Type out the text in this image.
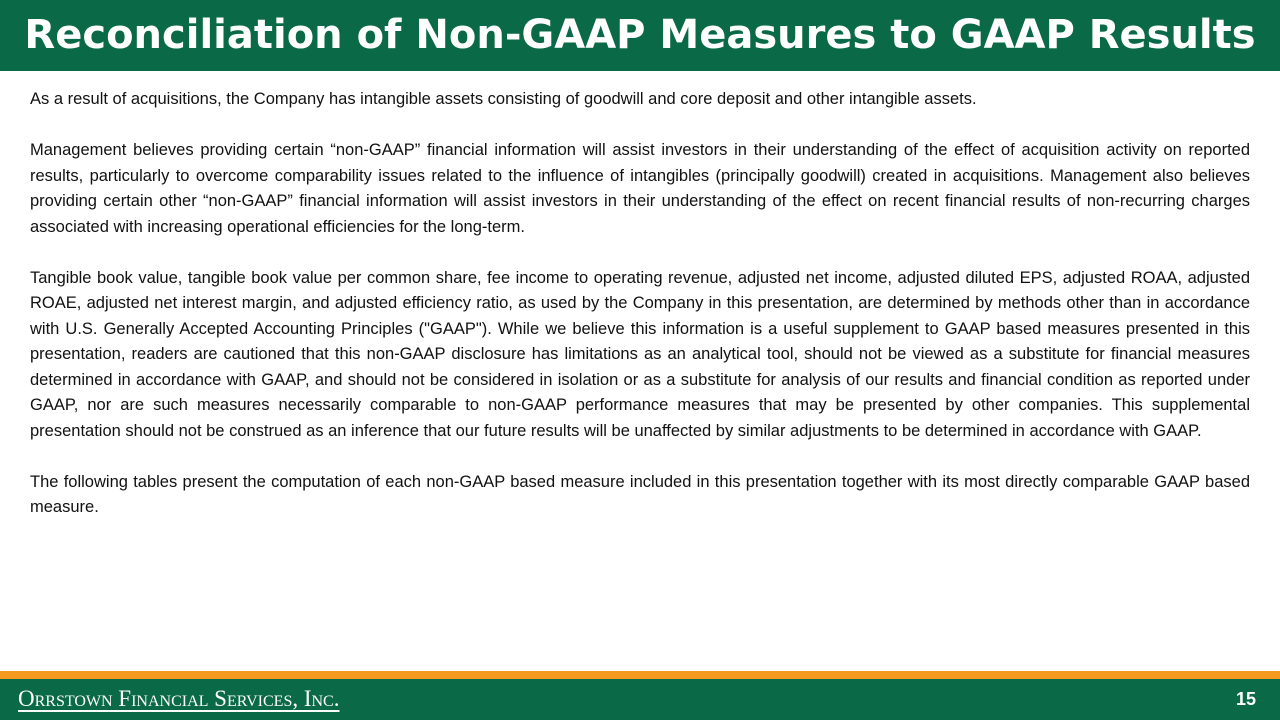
Reconciliation of Non-GAAP Measures to GAAP Results

As a result of acquisitions, the Company has intangible assets consisting of goodwill and core deposit and other intangible assets.

Management believes providing certain “non-GAAP” financial information will assist investors in their understanding of the effect of acquisition activity on reported results, particularly to overcome comparability issues related to the influence of intangibles (principally goodwill) created in acquisitions. Management also believes providing certain other “non-GAAP” financial information will assist investors in their understanding of the effect on recent financial results of non-recurring charges associated with increasing operational efficiencies for the long-term.

Tangible book value, tangible book value per common share, fee income to operating revenue, adjusted net income, adjusted diluted EPS, adjusted ROAA, adjusted ROAE, adjusted net interest margin, and adjusted efficiency ratio, as used by the Company in this presentation, are determined by methods other than in accordance with U.S. Generally Accepted Accounting Principles ("GAAP"). While we believe this information is a useful supplement to GAAP based measures presented in this presentation, readers are cautioned that this non-GAAP disclosure has limitations as an analytical tool, should not be viewed as a substitute for financial measures determined in accordance with GAAP, and should not be considered in isolation or as a substitute for analysis of our results and financial condition as reported under GAAP, nor are such measures necessarily comparable to non-GAAP performance measures that may be presented by other companies. This supplemental presentation should not be construed as an inference that our future results will be unaffected by similar adjustments to be determined in accordance with GAAP.

The following tables present the computation of each non-GAAP based measure included in this presentation together with its most directly comparable GAAP based measure.

Orrstown Financial Services, Inc.	15
